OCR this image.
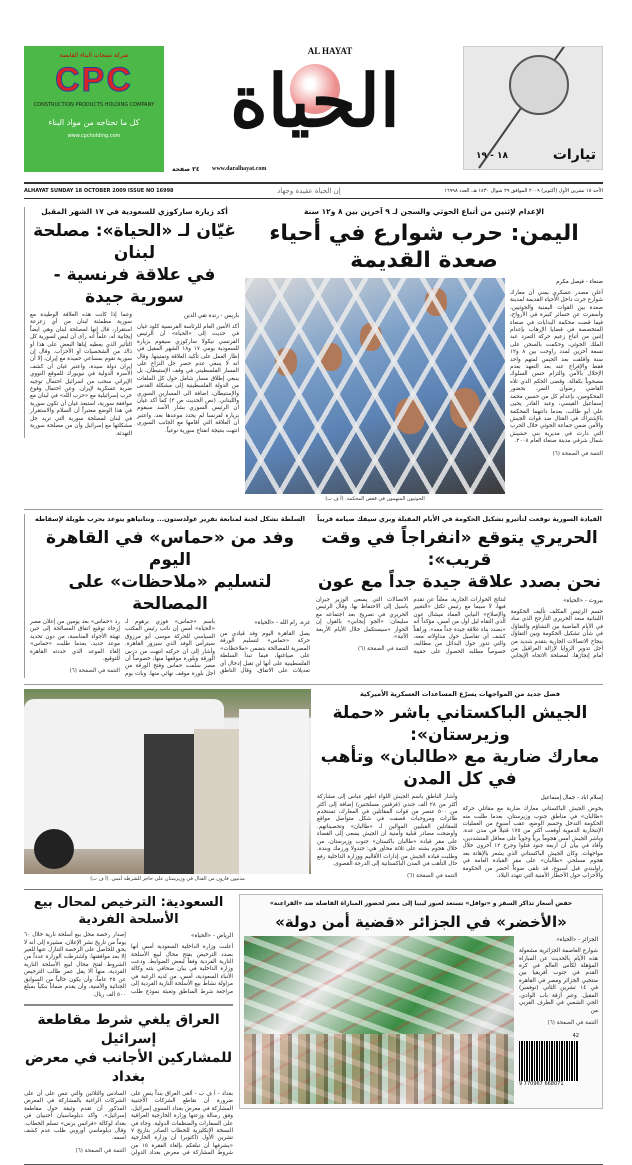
شركة منتجات البناء القابضة
CPC
CONSTRUCTION PRODUCTS HOLDING COMPANY
كل ما تحتاجه من مواد البناء
www.cpcholding.com
AL HAYAT
الحياة
٣٤ صفحة www.daralhayat.com
تيارات
١٨ - ١٩
ALHAYAT SUNDAY 18 OCTOBER 2009 ISSUE NO 16998	إن الحياة عقيدة وجهاد	الأحد ١٨ تشرين الأول (أكتوبر) ٢٠٠٩ الموافق ٢٩ شوال ١٤٣٠ هـ. العدد ١٦٩٩٨
الإعدام لإثنين من أتباع الحوثي والسجن لـ ٩ آخرين بين ٨ و١٢ سنة
اليمن: حرب شوارع في أحياء صعدة القديمة
صنعاء - فيصل مكرم
أعلن مصدر عسكري يمني أن معارك شوارع جرت داخل الأحياء القديمة لمدينة صعدة بين القوات اليمنية والحوثيين، وأسفرت عن خسائر كبيرة في الأرواح، فيما قضت محكمة البدايات في صنعاء المتخصصة في قضايا الإرهاب بإعدام إثنين من أتباع زعيم حركة التمرد عبد الملك الحوثي، وحكمت بالسجن على تسعة آخرين لمدد راوحت بين ٨ و١٢ سنة وأقلقت بعد الحبس لمتهم واحد فقط والإفراج عنه بعد التعهد بعدم الإخلال بالأمن والتزام حسن السلوك مصحوباً بكفالة. وقضى الحكم الذي تلاه القاضي رضوان النمر، بحضور المحكومين، بإعدام كل من حسين محمد إسماعيل القيسي، وعبد القادر يحيى علي أبو طالب، بعدما دانتهما المحكمة بالإشتراك في القتال ضد قوات الجيش والأمن ضمن جماعة الحوثي خلال الحرب التي دارت في مديرية بني حشيش شمال شرقي مدينة صنعاء العام ٢٠٠٨.
التتمة في الصفحة (٦)
الحوثيون المتهمون في قفص المحكمة. (أ ف ب)
أكد زيارة ساركوزي للسعودية في ١٧ الشهر المقبل
غيّان لـ «الحياة»: مصلحة لبنان
في علاقة فرنسية - سورية جيدة
باريس - رندة تقي الدين
أكد الأمين العام للرئاسة الفرنسية كلود غيان في حديث إلى «الحياة» أن الرئيس الفرنسي نيكولا ساركوزي سيقوم بزيارة للسعودية يومي ١٧ و١٨ الشهر المقبل في إطار العمل على تأكيد العلاقة وتمتينها. وقال انه لا ينبغي عدم حصر حل النزاع على المسار الفلسطيني في وقف الإستيطان، بل ينبغي إطلاق مسار شامل حول كل الملفات من الدولة الفلسطينية إلى مشكلة القدس والإستيطان، اضافة الى المسارين السوري واللبناني. (نص الحديث ص ٣) كما أكد غيان أن الرئيس السوري بشار الأسد سيقوم بزيارة لفرنسا لم يحدد موعدها بعد، واعتبر أن العلاقة التي أقامها مع الجانب السوري انتهت بنتيجة انفتاح سورية نوعياً.
وعما إذا كانت هذه العلاقة الوطيدة مع سورية مطمئنة لبنان من أي زعزعة استقرار، قال إنها لمصلحة لبنان وهي ايضاً إيجابية له، علماً انه رأى أن ليس لسورية كل التأثير الذي يعطيه إياها البعض على هذا أو ذاك من الشخصيات أو الأحزاب. وقال إن سورية تقوم بمساعي حميدة مع إيران، إلا أن إيران دولة سيدة، واعتبر غيان أن كشف الأسرة الدولية في نيويورك للموقع النووي الإيراني سحب من اسرائيل احتمال توجيه ضربة عسكرية لإيران. وعن احتمال وقوع حرب إسرائيلية مع «حزب الله» في لبنان مع موافقة سورية، استبعد غيان أن تكون سورية في هذا الوضع معتبراً أن السلام والاستقرار في لبنان لمصلحة سورية التي تريد حل مشكلتها مع إسرائيل وأن من مصلحة سورية التهدئة.
القيادة السورية توقعت لتأثيرو تشكيل الحكومة في الأيام المقبلة وبري سيفك صيامه قريباً
الحريري يتوقع «انفراجاً في وقت قريب»:
نحن بصدد علاقة جيدة جداً مع عون
بيروت - «الحياة»
حسم الرئيس المكلف تأليف الحكومة اللبنانية سعد الحريري التأرجح الذي ساد في الأيام الماضية بين التشاؤم والتفاؤل في شأن تشكيل الحكومة وبين التفاؤل بنجاح الاتصالات الجارية بتقدم شديد من أجل تدوير الزوايا لإزالة العراقيل من أمام إنجازها، لمصلحة الاتجاه الإيجابي لنتائج الحوارات الجارية، معلناً عن تقدم فيها، لا سيما مع رئيس تكتل «التغيير والإصلاح» النيابي العماد ميشال عون الذي التقاه ليل أول من أمس، مؤكداً انه «بصدد بناء علاقة جيدة جداً معه». وراهناً كشف أي تفاصيل حول مداولاته معه، والتي تدور حول البدائل من مطالبه، خصوصاً مطلبه الحصول على حقيبة الاتصالات التي يسعى الوزير جبران باسيل إلى الاحتفاظ بها. وقال الرئيس الحريري في تصريح بعد اجتماعه مع سليمان: «الجو إيجابي» بالقول إن الحوار «سيستكمل خلال الأيام الأربعة الآتية».
التتمة في الصفحة (٦)
السلطة تشكل لجنة لمتابعة تقرير غولدستون... ونتانياهو يتوعد بحرب طويلة لإسقاطه
وفد من «حماس» في القاهرة اليوم
لتسليم «ملاحظات» على المصالحة
غزة، رام الله - «الحياة»
يصل القاهرة اليوم وفد قيادي من حركة «حماس» لتسليم الورقة المصرية للمصالحة بتضمن «ملاحظات» على صياغتها، فيما تبدأ السلطة الفلسطينية على أنها لن تقبل إدخال أي تعديلات على الاتفاق. وقال الناطق باسم «حماس» فوزي برهوم لـ «الحياة» أمس إن نائب رئيس المكتب السياسي للحركة موسى أبو مرزوق سيترأس الوفد الذي سيزور القاهرة. وأشار إلى أن حركته انتهت من درس الورقة وبلورة موقفها منها، خصوصاً أن مصر سلمت حماس وفتح الورقة من أجل بلورة موقف نهائي منها. وبات يوم رد «حماس» بعد يومين من إعلان مصر إرجاء توقيع اتفاق المصالحة إلى حين تهيئة الأجواء المناسبة، من دون تحديد موعد جديد، بعدما طلبت «حماس» إلغاء الموعد الذي حددته القاهرة للتوقيع.
التتمة في الصفحة (٦)
فصل جديد من المواجهات يسرّع المساعدات العسكرية الأميركية
الجيش الباكستاني باشر «حملة وزيرستان»:
معارك ضارية مع «طالبان» وتأهب في كل المدن
إسلام اباد - جمال إسماعيل
يخوض الجيش الباكستاني معارك ضارية مع مقاتلي حركة «طالبان» في مناطق جنوب وزيرستان، بعدما طلبت منه الحكومة التدخل وحسم الوضع، عقب أسبوع من العمليات الإنتحارية الدموية أوقعت أكثر من ١٧٥ قتيلاً في مدن عدة. وباشر الجيش أمس هجوماً برياً وجوياً على معاقل المتشددين، وأفاد في بيان أن أربعة جنود قتلوا وجرح ١٢ آخرون خلال مواجهات. وكان الجيش الباكستاني الذي يشعر بالإهانة بعد هجوم مسلحي «طالبان» على مقر القيادة العامة في راولبندي قبل أسبوع، قد تلقى ضوءاً أخضر من الحكومة والأحزاب حول الأخطار الأمنية التي تتهدد البلاد.
وأشار الناطق باسم الجيش اللواء اطهر عباس إلى مشاركة أكثر من ٢٨ ألف جندي (فرقتين مسلحتين) إضافة إلى أكثر من ٥٠٠ عنصر من قوات المقاتلين في المعارك، تستخدم طائرات ومروحيات قصفت في شكل متواصل مواقع للمقاتلين القبليين الموالين لـ «طالبان» وتحصيناتهم. وأوضحت مصادر قبلية وأمنية أن الجيش يسعى إلى القضاء على مقر قيادة «طالبان باكستان» جنوب وزيرستان، من خلال هجوم يشنه على ثلاثة محاور هي: جندولا ورزمك وبندة. وطلبت قيادة الجيش من إدارات الأقاليم ووزارة الداخلية رفع حال التأهب في المدن الباكستانية إلى الدرجة القصوى.
التتمة في الصفحة (٦)
مدنيون فارون من القتال في وزيرستان على حاجز للشرطة أمس. (أ ف ب)
خفض أسعار تذاكر السفر و «توافل» تستعد لعبور ليبيا إلى مصر لحضور المباراة الفاصلة ضد «الفراعنة»
«الأخضر» في الجزائر «قضية أمن دولة»
الجزائر - «الحياة»
شوارع العاصمة الجزائرية مشغولة هذه الأيام بالحديث عن المباراة المؤهلة لكأس العالم في كرة القدم في جنوب أفريقيا بين منتخبي الجزائر ومصر في القاهرة في ١٤ تشرين الثاني (نوفمبر) المقبل. وعبر أزقة باب الوادي، الحي الشعبي في الطرف الغربي من
التتمة في الصفحة (٦)
42
9 770967 668071
السعودية: الترخيص لمحال بيع الأسلحة الفردية
الرياض - «الحياة»
أعلنت وزارة الداخلية السعودية أمس أنها بصدد الترخيص بفتح محال لبيع الأسلحة النارية الفردية وفقاً لبعض الضوابط. ودعت وزارة الداخلية في بيان صحافي بثته وكالة الأنباء السعودية، أمس، من لديه الرغبة في مزاولة نشاط بيع الأسلحة النارية الفردية إلى مراجعة شرط المناطق وتعبئة نموذج طلب إصدار رخصة محل بيع أسلحة نارية خلال ٦٠ يوماً من تاريخ نشر الإعلان، مشيرة إلى أنه لا يحق للحاصل على الرخصة التنازل عنها للغير إلا بعد موافقتها. واشترطت الوزارة عدداً من الشروط لفتح محال لبيع الأسلحة النارية الفردية، منها ألا يقل عمر طالب الترخيص عن ٢٥ عاماً، وأن يكون خالياً من السوابق الجنائية والأمنية، وأن يقدم ضماناً بنكياً بمبلغ ٥٠٠ ألف ريال.
العراق يلغي شرط مقاطعة إسرائيل
للمشاركين الأجانب في معرض بغداد
بغداد - أ ف ب - ألغى العراق بنداً ينص على ضرورة أن تقاطع الشركات الأجنبية المشاركة في معرض بغداد السنوي إسرائيل، وفق رسالة وزعتها وزارة الخارجية العراقية على السفارات والمنظمات الدولية. وجاء في النسخة الإنكليزية للخطاب الصادر بتاريخ ٧ تشرين الأول (أكتوبر) أن وزارة الخارجية «يشرفها أن تبلغكم بإلغاء الفقرة ١٥ من شروط المشاركة في معرض بغداد الدولي السادس والثلاثين والتي تنص على أن على الشركات الراغبة بالمشاركة في المعرض المذكور أن تقدم وثيقة حول مقاطعة إسرائيل». وأكد دبلوماسيان أجنبيان في بغداد لوكالة «فرانس برس» تسلم الخطاب. وقال دبلوماسي أوروبي طلب عدم كشف اسمه.
التتمة في الصفحة (٦)
